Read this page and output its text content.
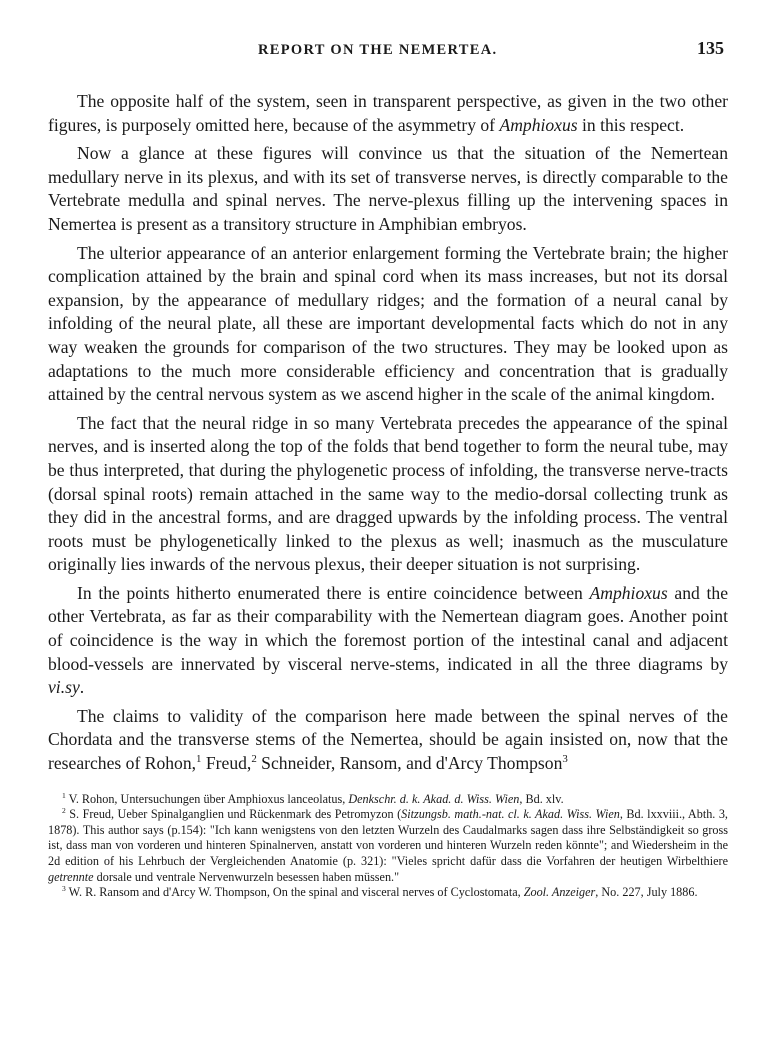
REPORT ON THE NEMERTEA.	135

The opposite half of the system, seen in transparent perspective, as given in the two other figures, is purposely omitted here, because of the asymmetry of Amphioxus in this respect.

Now a glance at these figures will convince us that the situation of the Nemertean medullary nerve in its plexus, and with its set of transverse nerves, is directly comparable to the Vertebrate medulla and spinal nerves. The nerve-plexus filling up the intervening spaces in Nemertea is present as a transitory structure in Amphibian embryos.

The ulterior appearance of an anterior enlargement forming the Vertebrate brain; the higher complication attained by the brain and spinal cord when its mass increases, but not its dorsal expansion, by the appearance of medullary ridges; and the formation of a neural canal by infolding of the neural plate, all these are important developmental facts which do not in any way weaken the grounds for comparison of the two structures. They may be looked upon as adaptations to the much more considerable efficiency and concentration that is gradually attained by the central nervous system as we ascend higher in the scale of the animal kingdom.

The fact that the neural ridge in so many Vertebrata precedes the appearance of the spinal nerves, and is inserted along the top of the folds that bend together to form the neural tube, may be thus interpreted, that during the phylogenetic process of infolding, the transverse nerve-tracts (dorsal spinal roots) remain attached in the same way to the medio-dorsal collecting trunk as they did in the ancestral forms, and are dragged upwards by the infolding process. The ventral roots must be phylogenetically linked to the plexus as well; inasmuch as the musculature originally lies inwards of the nervous plexus, their deeper situation is not surprising.

In the points hitherto enumerated there is entire coincidence between Amphioxus and the other Vertebrata, as far as their comparability with the Nemertean diagram goes. Another point of coincidence is the way in which the foremost portion of the intestinal canal and adjacent blood-vessels are innervated by visceral nerve-stems, indicated in all the three diagrams by vi.sy.

The claims to validity of the comparison here made between the spinal nerves of the Chordata and the transverse stems of the Nemertea, should be again insisted on, now that the researches of Rohon,$^1$ Freud,$^2$ Schneider, Ransom, and d'Arcy Thompson$^3$

$^1$ V. Rohon, Untersuchungen über Amphioxus lanceolatus, Denkschr. d. k. Akad. d. Wiss. Wien, Bd. xlv.

$^2$ S. Freud, Ueber Spinalganglien und Rückenmark des Petromyzon (Sitzungsb. math.-nat. cl. k. Akad. Wiss. Wien, Bd. lxxviii., Abth. 3, 1878). This author says (p.154): "Ich kann wenigstens von den letzten Wurzeln des Caudalmarks sagen dass ihre Selbständigkeit so gross ist, dass man von vorderen und hinteren Spinalnerven, anstatt von vorderen und hinteren Wurzeln reden könnte"; and Wiedersheim in the 2d edition of his Lehrbuch der Vergleichenden Anatomie (p. 321): "Vieles spricht dafür dass die Vorfahren der heutigen Wirbelthiere getrennte dorsale und ventrale Nervenwurzeln besessen haben müssen."

$^3$ W. R. Ransom and d'Arcy W. Thompson, On the spinal and visceral nerves of Cyclostomata, Zool. Anzeiger, No. 227, July 1886.
